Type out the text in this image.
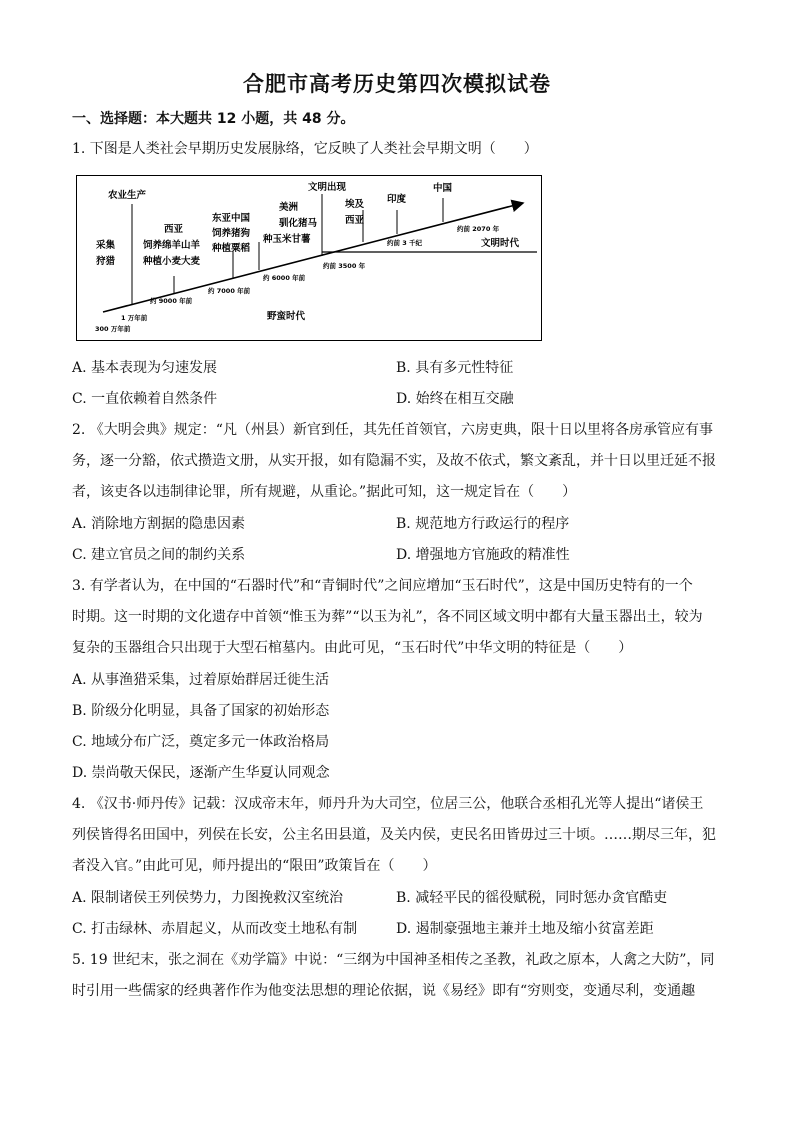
合肥市高考历史第四次模拟试卷
一、选择题：本大题共 12 小题，共 48 分。
1. 下图是人类社会早期历史发展脉络，它反映了人类社会早期文明（　　）
农业生产
西亚
饲养绵羊山羊
种植小麦大麦
东亚中国
饲养猪狗
种植粟稻
美洲
驯化猪马
种玉米甘薯
文明出现
埃及
西亚
印度
中国
采集
狩猎
野蛮时代
文明时代
300 万年前
1 万年前
约 9000 年前
约 7000 年前
约 6000 年前
约前 3500 年
约前 3 千纪
约前 2070 年
A. 基本表现为匀速发展	B. 具有多元性特征
C. 一直依赖着自然条件	D. 始终在相互交融
2. 《大明会典》规定：“凡（州县）新官到任，其先任首领官，六房吏典，限十日以里将各房承管应有事
务，逐一分豁，依式攒造文册，从实开报，如有隐漏不实，及故不依式，繁文紊乱，并十日以里迁延不报
者，该吏各以违制律论罪，所有规避，从重论。”据此可知，这一规定旨在（　　）
A. 消除地方割据的隐患因素	B. 规范地方行政运行的程序
C. 建立官员之间的制约关系	D. 增强地方官施政的精准性
3. 有学者认为，在中国的“石器时代”和“青铜时代”之间应增加“玉石时代”，这是中国历史特有的一个
时期。这一时期的文化遗存中首领“惟玉为葬”“以玉为礼”，各不同区域文明中都有大量玉器出土，较为
复杂的玉器组合只出现于大型石棺墓内。由此可见，“玉石时代”中华文明的特征是（　　）
A. 从事渔猎采集，过着原始群居迁徙生活
B. 阶级分化明显，具备了国家的初始形态
C. 地域分布广泛，奠定多元一体政治格局
D. 崇尚敬天保民，逐渐产生华夏认同观念
4. 《汉书·师丹传》记载：汉成帝末年，师丹升为大司空，位居三公，他联合丞相孔光等人提出“诸侯王
列侯皆得名田国中，列侯在长安，公主名田县道，及关内侯，吏民名田皆毋过三十顷。……期尽三年，犯
者没入官。”由此可见，师丹提出的“限田”政策旨在（　　）
A. 限制诸侯王列侯势力，力图挽救汉室统治	B. 减轻平民的徭役赋税，同时惩办贪官酷吏
C. 打击绿林、赤眉起义，从而改变土地私有制	D. 遏制豪强地主兼并土地及缩小贫富差距
5. 19 世纪末，张之洞在《劝学篇》中说：“三纲为中国神圣相传之圣教，礼政之原本，人禽之大防”，同
时引用一些儒家的经典著作作为他变法思想的理论依据，说《易经》即有“穷则变，变通尽利，变通趣
